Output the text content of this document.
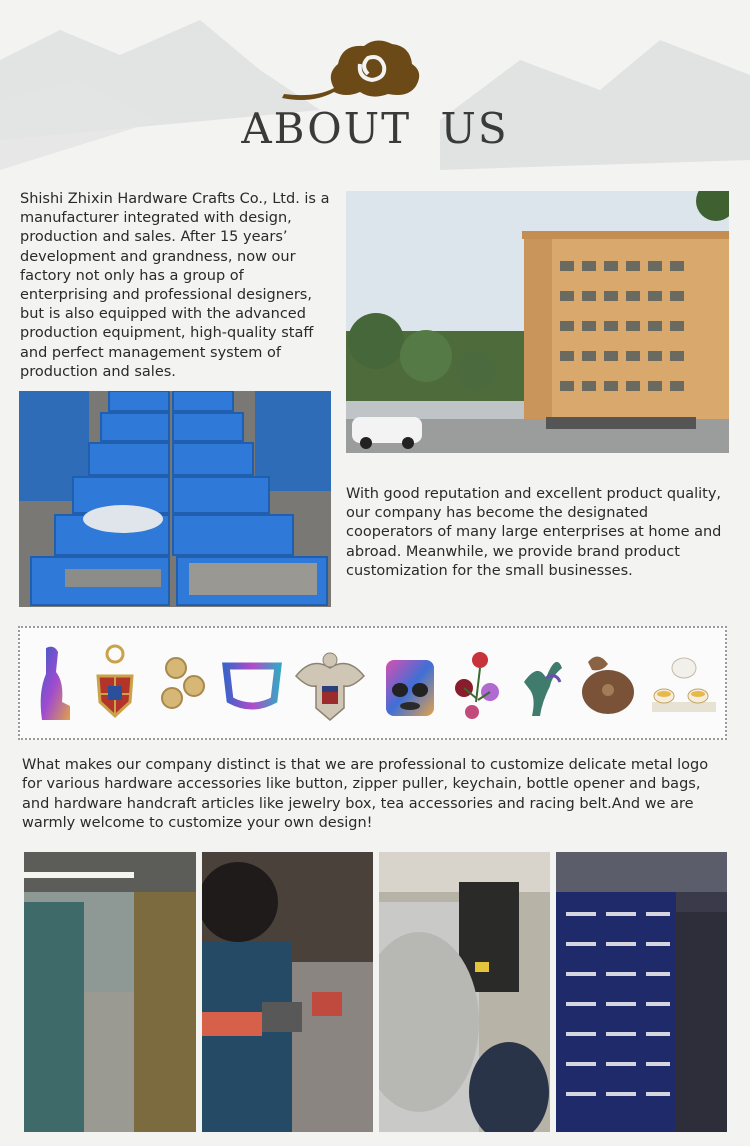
ABOUT US

Shishi Zhixin Hardware Crafts Co., Ltd. is a manufacturer integrated with design, production and sales. After 15 years’ development and grandness, now our factory not only has a group of enterprising and professional designers, but is also equipped with the advanced production equipment, high-quality staff and perfect management system of production and sales.

With good reputation and excellent product quality, our company has become the designated cooperators of many large enterprises at home and abroad. Meanwhile, we provide brand product customization for the small businesses.

What makes our company distinct is that we are professional to customize delicate metal logo for various hardware accessories like button, zipper puller, keychain, bottle opener and bags, and hardware handcraft articles like jewelry box, tea accessories and racing belt.And we are warmly welcome to customize your own design!
